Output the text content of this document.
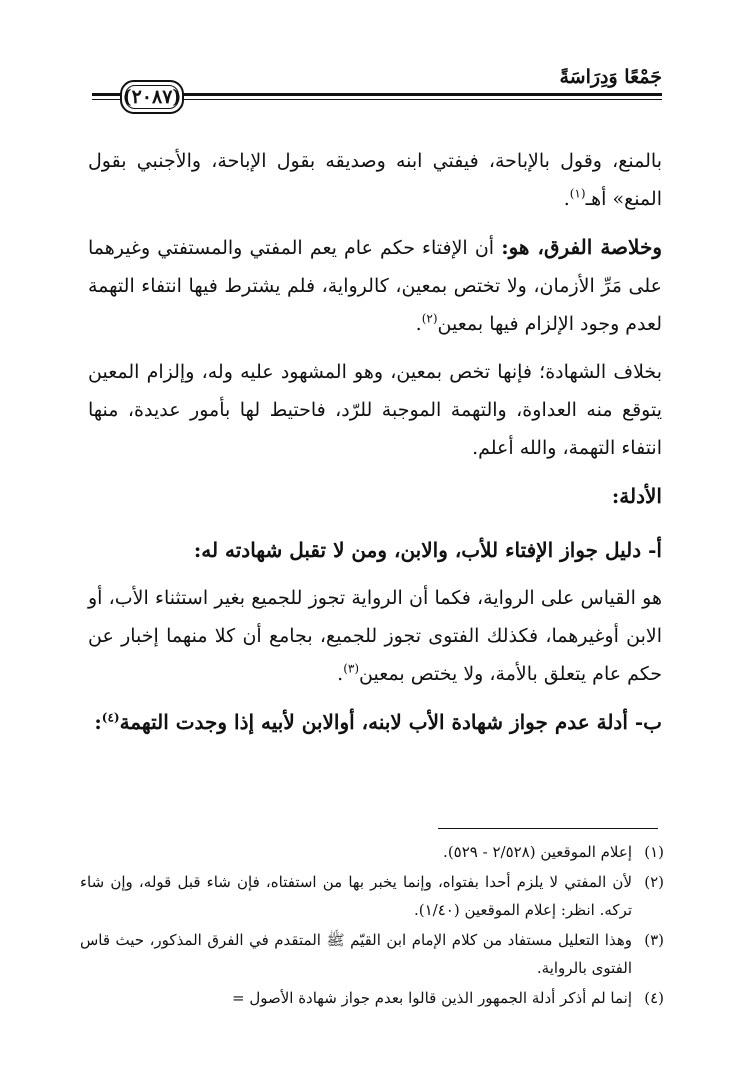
جَمْعًا وَدِرَاسَةً
(٢٠٨٧)

بالمنع، وقول بالإباحة، فيفتي ابنه وصديقه بقول الإباحة، والأجنبي بقول المنع» أهـ$^{(١)}$.

وخلاصة الفرق، هو: أن الإفتاء حكم عام يعم المفتي والمستفتي وغيرهما على مَرِّ الأزمان، ولا تختص بمعين، كالرواية، فلم يشترط فيها انتفاء التهمة لعدم وجود الإلزام فيها بمعين$^{(٢)}$.

بخلاف الشهادة؛ فإنها تخص بمعين، وهو المشهود عليه وله، وإلزام المعين يتوقع منه العداوة، والتهمة الموجبة للرّد، فاحتيط لها بأمور عديدة، منها انتفاء التهمة، والله أعلم.

الأدلة:
أ- دليل جواز الإفتاء للأب، والابن، ومن لا تقبل شهادته له:

هو القياس على الرواية، فكما أن الرواية تجوز للجميع بغير استثناء الأب، أو الابن أوغيرهما، فكذلك الفتوى تجوز للجميع، بجامع أن كلا منهما إخبار عن حكم عام يتعلق بالأمة، ولا يختص بمعين$^{(٣)}$.

ب- أدلة عدم جواز شهادة الأب لابنه، أوالابن لأبيه إذا وجدت التهمة$^{(٤)}$:
(١)
إعلام الموقعين (٢/٥٢٨ - ٥٢٩).
(٢)
لأن المفتي لا يلزم أحدا بفتواه، وإنما يخبر بها من استفتاه، فإن شاء قبل قوله، وإن شاء تركه. انظر: إعلام الموقعين (١/٤٠).
(٣)
وهذا التعليل مستفاد من كلام الإمام ابن القيّم ﷺ المتقدم في الفرق المذكور، حيث قاس الفتوى بالرواية.
(٤)
إنما لم أذكر أدلة الجمهور الذين قالوا بعدم جواز شهادة الأصول =
